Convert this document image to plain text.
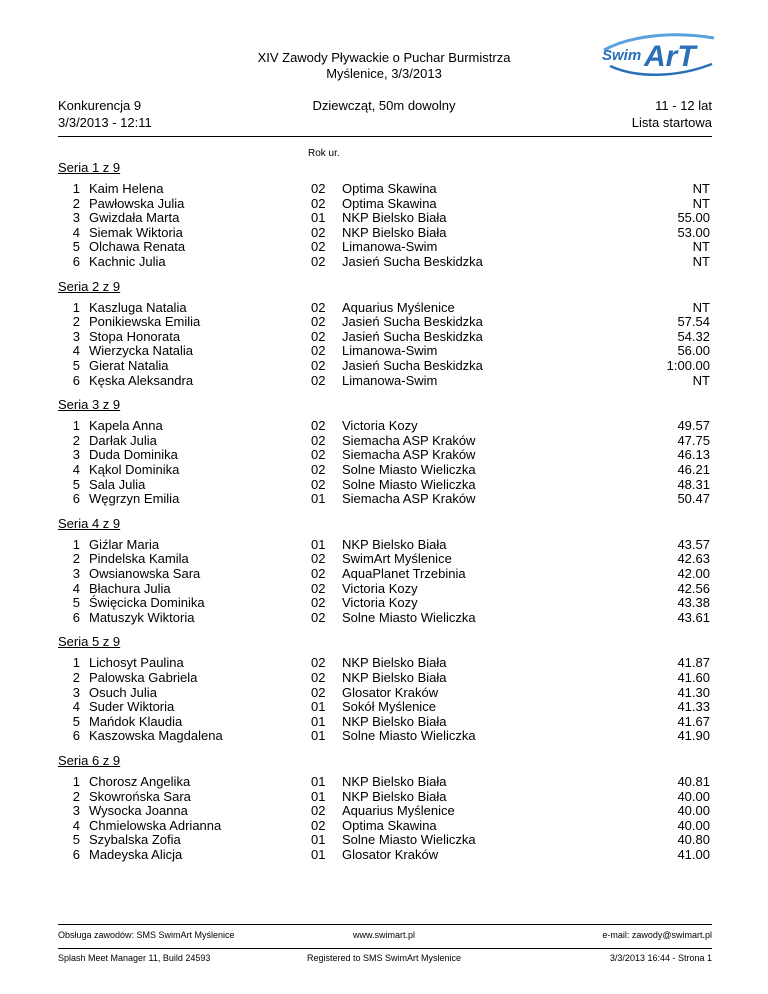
XIV Zawody Pływackie o Puchar Burmistrza
Myślenice, 3/3/2013
Swim ArT
Konkurencja 9
3/3/2013 - 12:11
Dziewcząt, 50m dowolny	11 - 12 lat
Lista startowa
Rok ur.
Seria 1 z 9
1 Kaim Helena	02 Optima Skawina	NT
2 Pawłowska Julia	02 Optima Skawina	NT
3 Gwizdała Marta	01 NKP Bielsko Biała	55.00
4 Siemak Wiktoria	02 NKP Bielsko Biała	53.00
5 Olchawa Renata	02 Limanowa-Swim	NT
6 Kachnic Julia	02 Jasień Sucha Beskidzka	NT
Seria 2 z 9
1 Kaszluga Natalia	02 Aquarius Myślenice	NT
2 Ponikiewska Emilia	02 Jasień Sucha Beskidzka	57.54
3 Stopa Honorata	02 Jasień Sucha Beskidzka	54.32
4 Wierzycka Natalia	02 Limanowa-Swim	56.00
5 Gierat Natalia	02 Jasień Sucha Beskidzka	1:00.00
6 Kęska Aleksandra	02 Limanowa-Swim	NT
Seria 3 z 9
1 Kapela Anna	02 Victoria Kozy	49.57
2 Darłak Julia	02 Siemacha ASP Kraków	47.75
3 Duda Dominika	02 Siemacha ASP Kraków	46.13
4 Kąkol Dominika	02 Solne Miasto Wieliczka	46.21
5 Sala Julia	02 Solne Miasto Wieliczka	48.31
6 Węgrzyn Emilia	01 Siemacha ASP Kraków	50.47
Seria 4 z 9
1 Giźlar Maria	01 NKP Bielsko Biała	43.57
2 Pindelska Kamila	02 SwimArt Myślenice	42.63
3 Owsianowska Sara	02 AquaPlanet Trzebinia	42.00
4 Błachura Julia	02 Victoria Kozy	42.56
5 Święcicka Dominika	02 Victoria Kozy	43.38
6 Matuszyk Wiktoria	02 Solne Miasto Wieliczka	43.61
Seria 5 z 9
1 Lichosyt Paulina	02 NKP Bielsko Biała	41.87
2 Palowska Gabriela	02 NKP Bielsko Biała	41.60
3 Osuch Julia	02 Glosator Kraków	41.30
4 Suder Wiktoria	01 Sokół Myślenice	41.33
5 Mańdok Klaudia	01 NKP Bielsko Biała	41.67
6 Kaszowska Magdalena	01 Solne Miasto Wieliczka	41.90
Seria 6 z 9
1 Chorosz Angelika	01 NKP Bielsko Biała	40.81
2 Skowrońska Sara	01 NKP Bielsko Biała	40.00
3 Wysocka Joanna	02 Aquarius Myślenice	40.00
4 Chmielowska Adrianna	02 Optima Skawina	40.00
5 Szybalska Zofia	01 Solne Miasto Wieliczka	40.80
6 Madeyska Alicja	01 Glosator Kraków	41.00
Obsługa zawodów: SMS SwimArt Myślenice	www.swimart.pl	e-mail: zawody@swimart.pl
Splash Meet Manager 11, Build 24593	Registered to SMS SwimArt Myslenice	3/3/2013 16:44 - Strona 1
